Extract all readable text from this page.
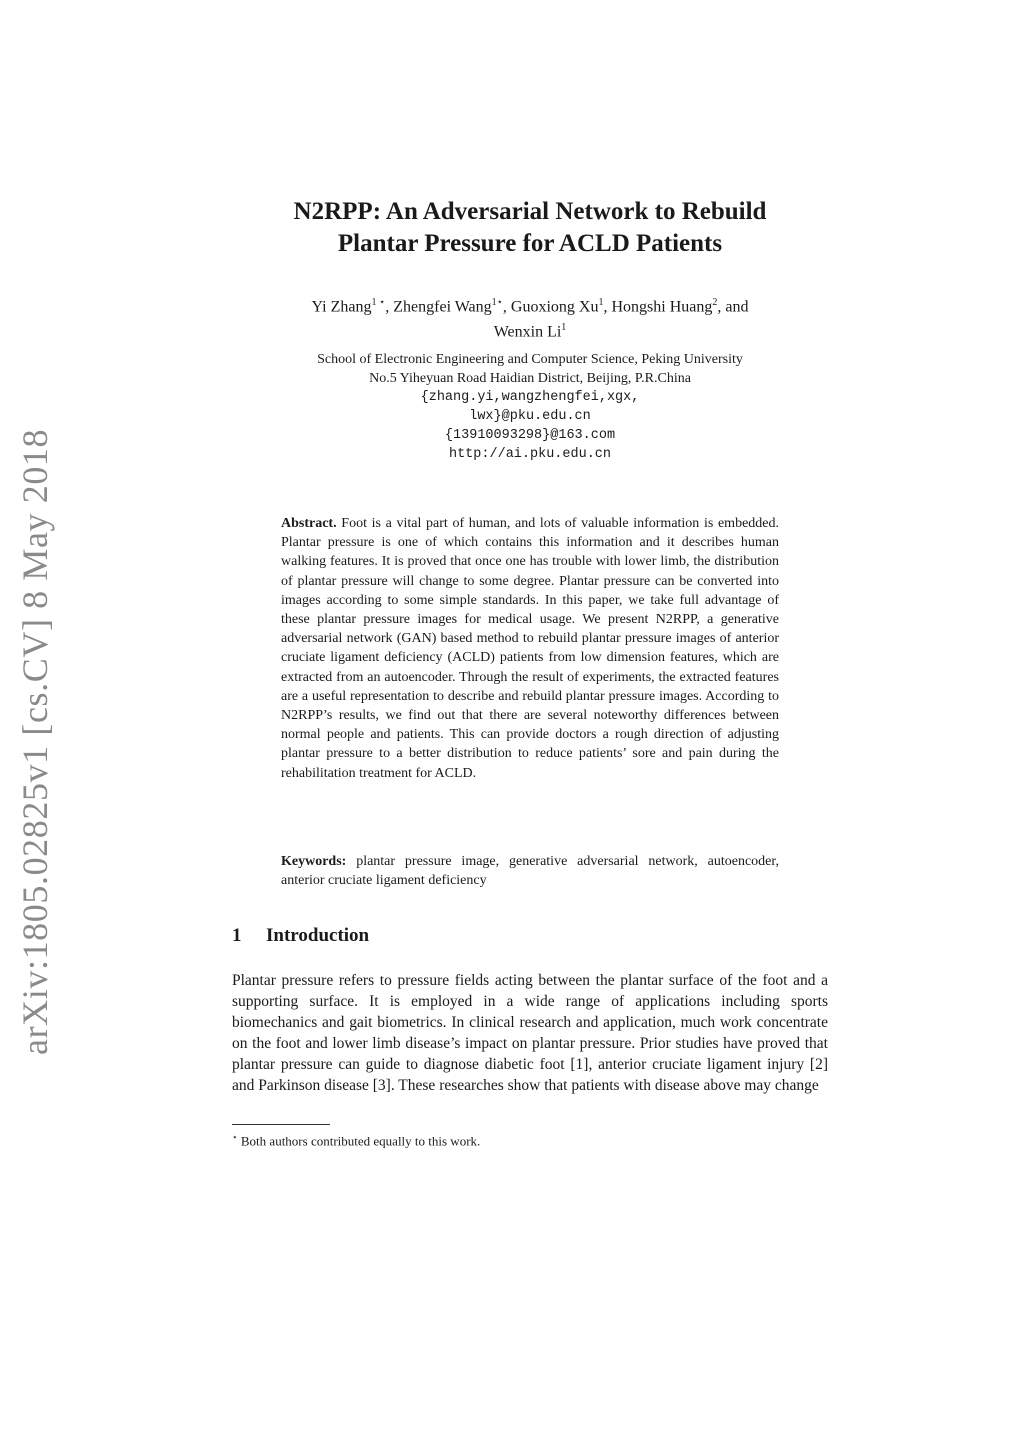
arXiv:1805.02825v1 [cs.CV] 8 May 2018
N2RPP: An Adversarial Network to Rebuild
Plantar Pressure for ACLD Patients
Yi Zhang$^{1 ⋆}$, Zhengfei Wang$^{1⋆}$, Guoxiong Xu$^1$, Hongshi Huang$^2$, and
Wenxin Li$^1$
School of Electronic Engineering and Computer Science, Peking University
No.5 Yiheyuan Road Haidian District, Beijing, P.R.China
{zhang.yi,wangzhengfei,xgx,
lwx}@pku.edu.cn
{13910093298}@163.com
http://ai.pku.edu.cn
Abstract. Foot is a vital part of human, and lots of valuable information is embedded. Plantar pressure is one of which contains this information and it describes human walking features. It is proved that once one has trouble with lower limb, the distribution of plantar pressure will change to some degree. Plantar pressure can be converted into images according to some simple standards. In this paper, we take full advantage of these plantar pressure images for medical usage. We present N2RPP, a generative adversarial network (GAN) based method to rebuild plantar pressure images of anterior cruciate ligament deficiency (ACLD) patients from low dimension features, which are extracted from an autoencoder. Through the result of experiments, the extracted features are a useful representation to describe and rebuild plantar pressure images. According to N2RPP’s results, we find out that there are several noteworthy differences between normal people and patients. This can provide doctors a rough direction of adjusting plantar pressure to a better distribution to reduce patients’ sore and pain during the rehabilitation treatment for ACLD.
Keywords: plantar pressure image, generative adversarial network, autoencoder, anterior cruciate ligament deficiency
1 Introduction
Plantar pressure refers to pressure fields acting between the plantar surface of the foot and a supporting surface. It is employed in a wide range of applications including sports biomechanics and gait biometrics. In clinical research and application, much work concentrate on the foot and lower limb disease’s impact on plantar pressure. Prior studies have proved that plantar pressure can guide to diagnose diabetic foot [1], anterior cruciate ligament injury [2] and Parkinson disease [3]. These researches show that patients with disease above may change
⋆ Both authors contributed equally to this work.
